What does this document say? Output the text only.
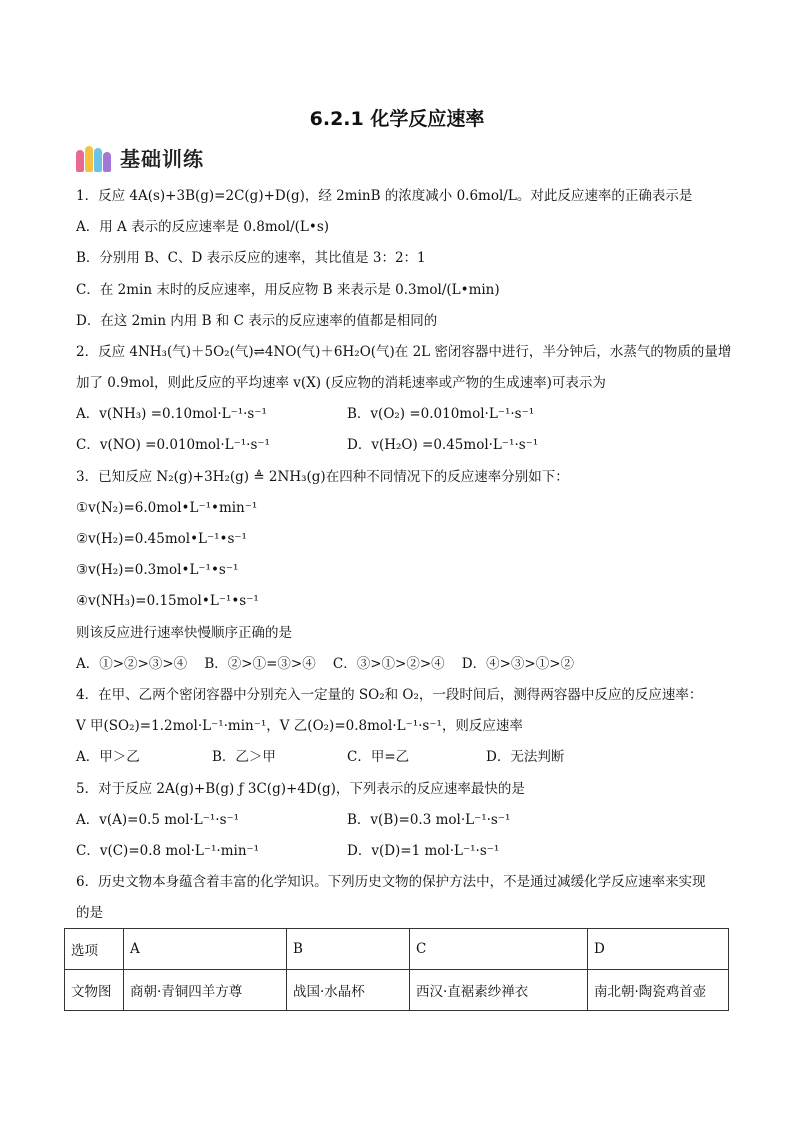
6.2.1 化学反应速率
基础训练
1．反应 4A(s)+3B(g)=2C(g)+D(g)，经 2minB 的浓度减小 0.6mol/L。对此反应速率的正确表示是
A．用 A 表示的反应速率是 0.8mol/(L•s)
B．分别用 B、C、D 表示反应的速率，其比值是 3：2：1
C．在 2min 末时的反应速率，用反应物 B 来表示是 0.3mol/(L•min)
D．在这 2min 内用 B 和 C 表示的反应速率的值都是相同的
2．反应 4NH₃(气)＋5O₂(气)⇌4NO(气)＋6H₂O(气)在 2L 密闭容器中进行，半分钟后，水蒸气的物质的量增
加了 0.9mol，则此反应的平均速率 v(X) (反应物的消耗速率或产物的生成速率)可表示为
A．v(NH₃) =0.10mol·L⁻¹·s⁻¹	B．v(O₂) =0.010mol·L⁻¹·s⁻¹
C．v(NO) =0.010mol·L⁻¹·s⁻¹	D．v(H₂O) =0.45mol·L⁻¹·s⁻¹
3．已知反应 N₂(g)+3H₂(g) ≜ 2NH₃(g)在四种不同情况下的反应速率分别如下：
①v(N₂)=6.0mol•L⁻¹•min⁻¹
②v(H₂)=0.45mol•L⁻¹•s⁻¹
③v(H₂)=0.3mol•L⁻¹•s⁻¹
④v(NH₃)=0.15mol•L⁻¹•s⁻¹
则该反应进行速率快慢顺序正确的是
A．①>②>③>④    B．②>①=③>④    C．③>①>②>④    D．④>③>①>②
4．在甲、乙两个密闭容器中分别充入一定量的 SO₂和 O₂，一段时间后，测得两容器中反应的反应速率：
V 甲(SO₂)=1.2mol·L⁻¹·min⁻¹，V 乙(O₂)=0.8mol·L⁻¹·s⁻¹，则反应速率
A．甲＞乙	B．乙＞甲	C．甲=乙	D．无法判断
5．对于反应 2A(g)+B(g) ƒ 3C(g)+4D(g)，下列表示的反应速率最快的是
A．v(A)=0.5 mol·L⁻¹·s⁻¹	B．v(B)=0.3 mol·L⁻¹·s⁻¹
C．v(C)=0.8 mol·L⁻¹·min⁻¹	D．v(D)=1 mol·L⁻¹·s⁻¹
6．历史文物本身蕴含着丰富的化学知识。下列历史文物的保护方法中，不是通过减缓化学反应速率来实现
的是
选项	A	B	C	D
文物图	商朝·青铜四羊方尊	战国·水晶杯	西汉·直裾素纱禅衣	南北朝·陶瓷鸡首壶
